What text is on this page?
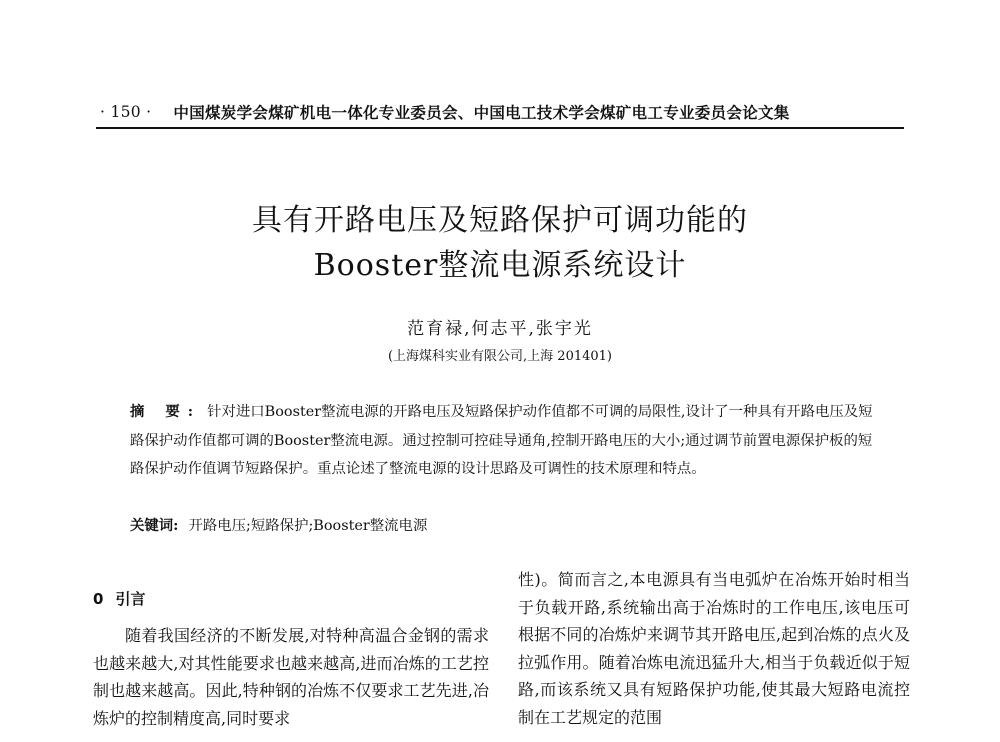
· 150 · 中国煤炭学会煤矿机电一体化专业委员会、中国电工技术学会煤矿电工专业委员会论文集
具有开路电压及短路保护可调功能的
Booster整流电源系统设计
范育禄,何志平,张宇光
(上海煤科实业有限公司,上海 201401)
摘 要: 针对进口Booster整流电源的开路电压及短路保护动作值都不可调的局限性,设计了一种具有开路电压及短路保护动作值都可调的Booster整流电源。通过控制可控硅导通角,控制开路电压的大小;通过调节前置电源保护板的短路保护动作值调节短路保护。重点论述了整流电源的设计思路及可调性的技术原理和特点。
关键词: 开路电压;短路保护;Booster整流电源
0 引言

随着我国经济的不断发展,对特种高温合金钢的需求也越来越大,对其性能要求也越来越高,进而冶炼的工艺控制也越来越高。因此,特种钢的冶炼不仅要求工艺先进,冶炼炉的控制精度高,同时要求

性)。简而言之,本电源具有当电弧炉在冶炼开始时相当于负载开路,系统输出高于冶炼时的工作电压,该电压可根据不同的冶炼炉来调节其开路电压,起到冶炼的点火及拉弧作用。随着冶炼电流迅猛升大,相当于负载近似于短路,而该系统又具有短路保护功能,使其最大短路电流控制在工艺规定的范围
